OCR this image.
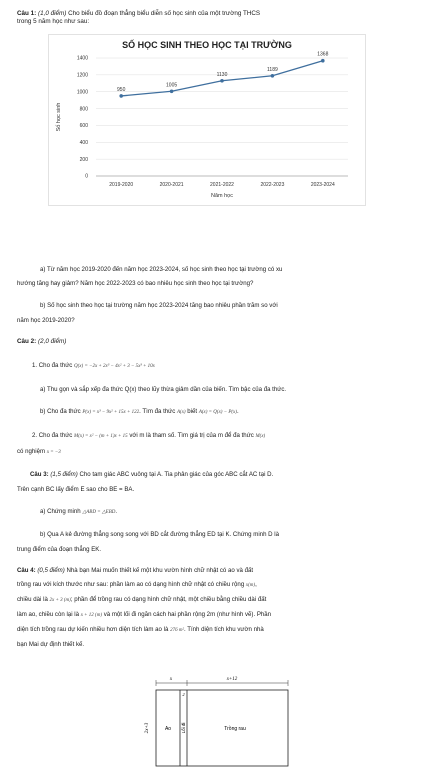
Câu 1: (1,0 điểm) Cho biểu đồ đoạn thẳng biểu diễn số học sinh của một trường THCS
trong 5 năm học như sau:
SỐ HỌC SINH THEO HỌC TẠI TRƯỜNG
0
200
400
600
800
1000
1200
1400
2019-2020	2020-2021	2021-2022	2022-2023	2023-2024
950
1005
1130
1189
1368
Năm học
Số học sinh
a) Từ năm học 2019-2020 đến năm học 2023-2024, số học sinh theo học tại trường có xu
hướng tăng hay giảm? Năm học 2022-2023 có bao nhiêu học sinh theo học tại trường?
b) Số học sinh theo học tại trường năm học 2023-2024 tăng bao nhiêu phần trăm so với
năm học 2019-2020?
Câu 2: (2,0 điểm)
1. Cho đa thức Q(x) = −2x + 2x³ − 4x² + 3 − 5x³ + 10x
a) Thu gọn và sắp xếp đa thức Q(x) theo lũy thừa giảm dần của biến. Tìm bậc của đa thức.
b) Cho đa thức P(x) = x³ − 9x² + 15x + 122. Tìm đa thức A(x) biết A(x) = Q(x) − P(x).
2. Cho đa thức M(x) = x² − (m + 1)x + 15 với m là tham số. Tìm giá trị của m để đa thức M(x)
có nghiệm x = −3
Câu 3: (1,5 điểm) Cho tam giác ABC vuông tại A. Tia phân giác của góc ABC cắt AC tại D.
Trên cạnh BC lấy điểm E sao cho BE = BA.
a) Chứng minh △ABD = △EBD.
b) Qua A kẻ đường thẳng song song với BD cắt đường thẳng ED tại K. Chứng minh D là
trung điểm của đoạn thẳng EK.
Câu 4: (0,5 điểm) Nhà bạn Mai muốn thiết kế một khu vườn hình chữ nhật có ao và đất
trồng rau với kích thước như sau: phần làm ao có dạng hình chữ nhật có chiều rộng x(m),
chiều dài là 2x + 3 (m); phần để trồng rau có dạng hình chữ nhật, một chiều bằng chiều dài đất
làm ao, chiều còn lại là x + 12 (m) và một lối đi ngăn cách hai phần rộng 2m (như hình vẽ). Phần
diện tích trồng rau dự kiến nhiều hơn diện tích làm ao là 276 m². Tính diện tích khu vườn nhà
bạn Mai dự định thiết kế.
x	x+12
2x+3	Ao
2
Lối đi	Trồng rau
